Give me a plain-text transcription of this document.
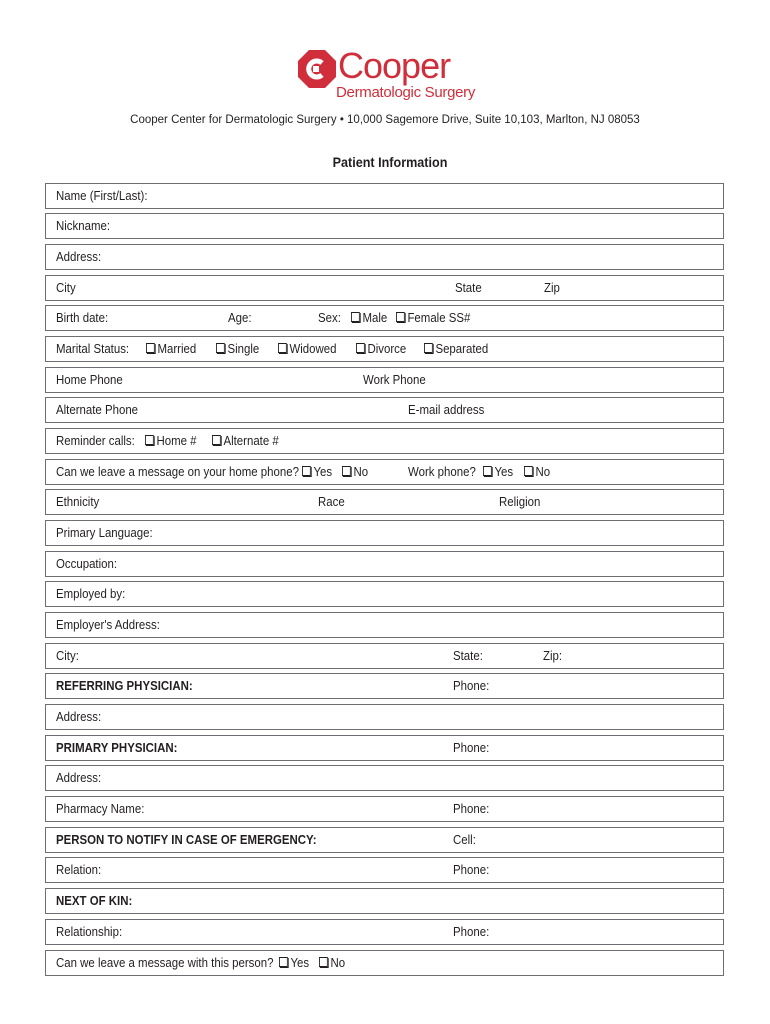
Cooper
Dermatologic Surgery
Cooper Center for Dermatologic Surgery • 10,000 Sagemore Drive, Suite 10,103, Marlton, NJ 08053
Patient Information
Name (First/Last):
Nickname:
Address:
City	State	Zip
Birth date:	Age:	Sex:	Male	Female SS#
Marital Status:	Married	Single	Widowed	Divorce	Separated
Home Phone	Work Phone
Alternate Phone	E-mail address
Reminder calls:	Home #	Alternate #
Can we leave a message on your home phone?	Yes	No	Work phone?	Yes	No
Ethnicity	Race	Religion
Primary Language:
Occupation:
Employed by:
Employer's Address:
City:	State:	Zip:
REFERRING PHYSICIAN:	Phone:
Address:
PRIMARY PHYSICIAN:	Phone:
Address:
Pharmacy Name:	Phone:
PERSON TO NOTIFY IN CASE OF EMERGENCY:	Cell:
Relation:	Phone:
NEXT OF KIN:
Relationship:	Phone:
Can we leave a message with this person?	Yes	No
